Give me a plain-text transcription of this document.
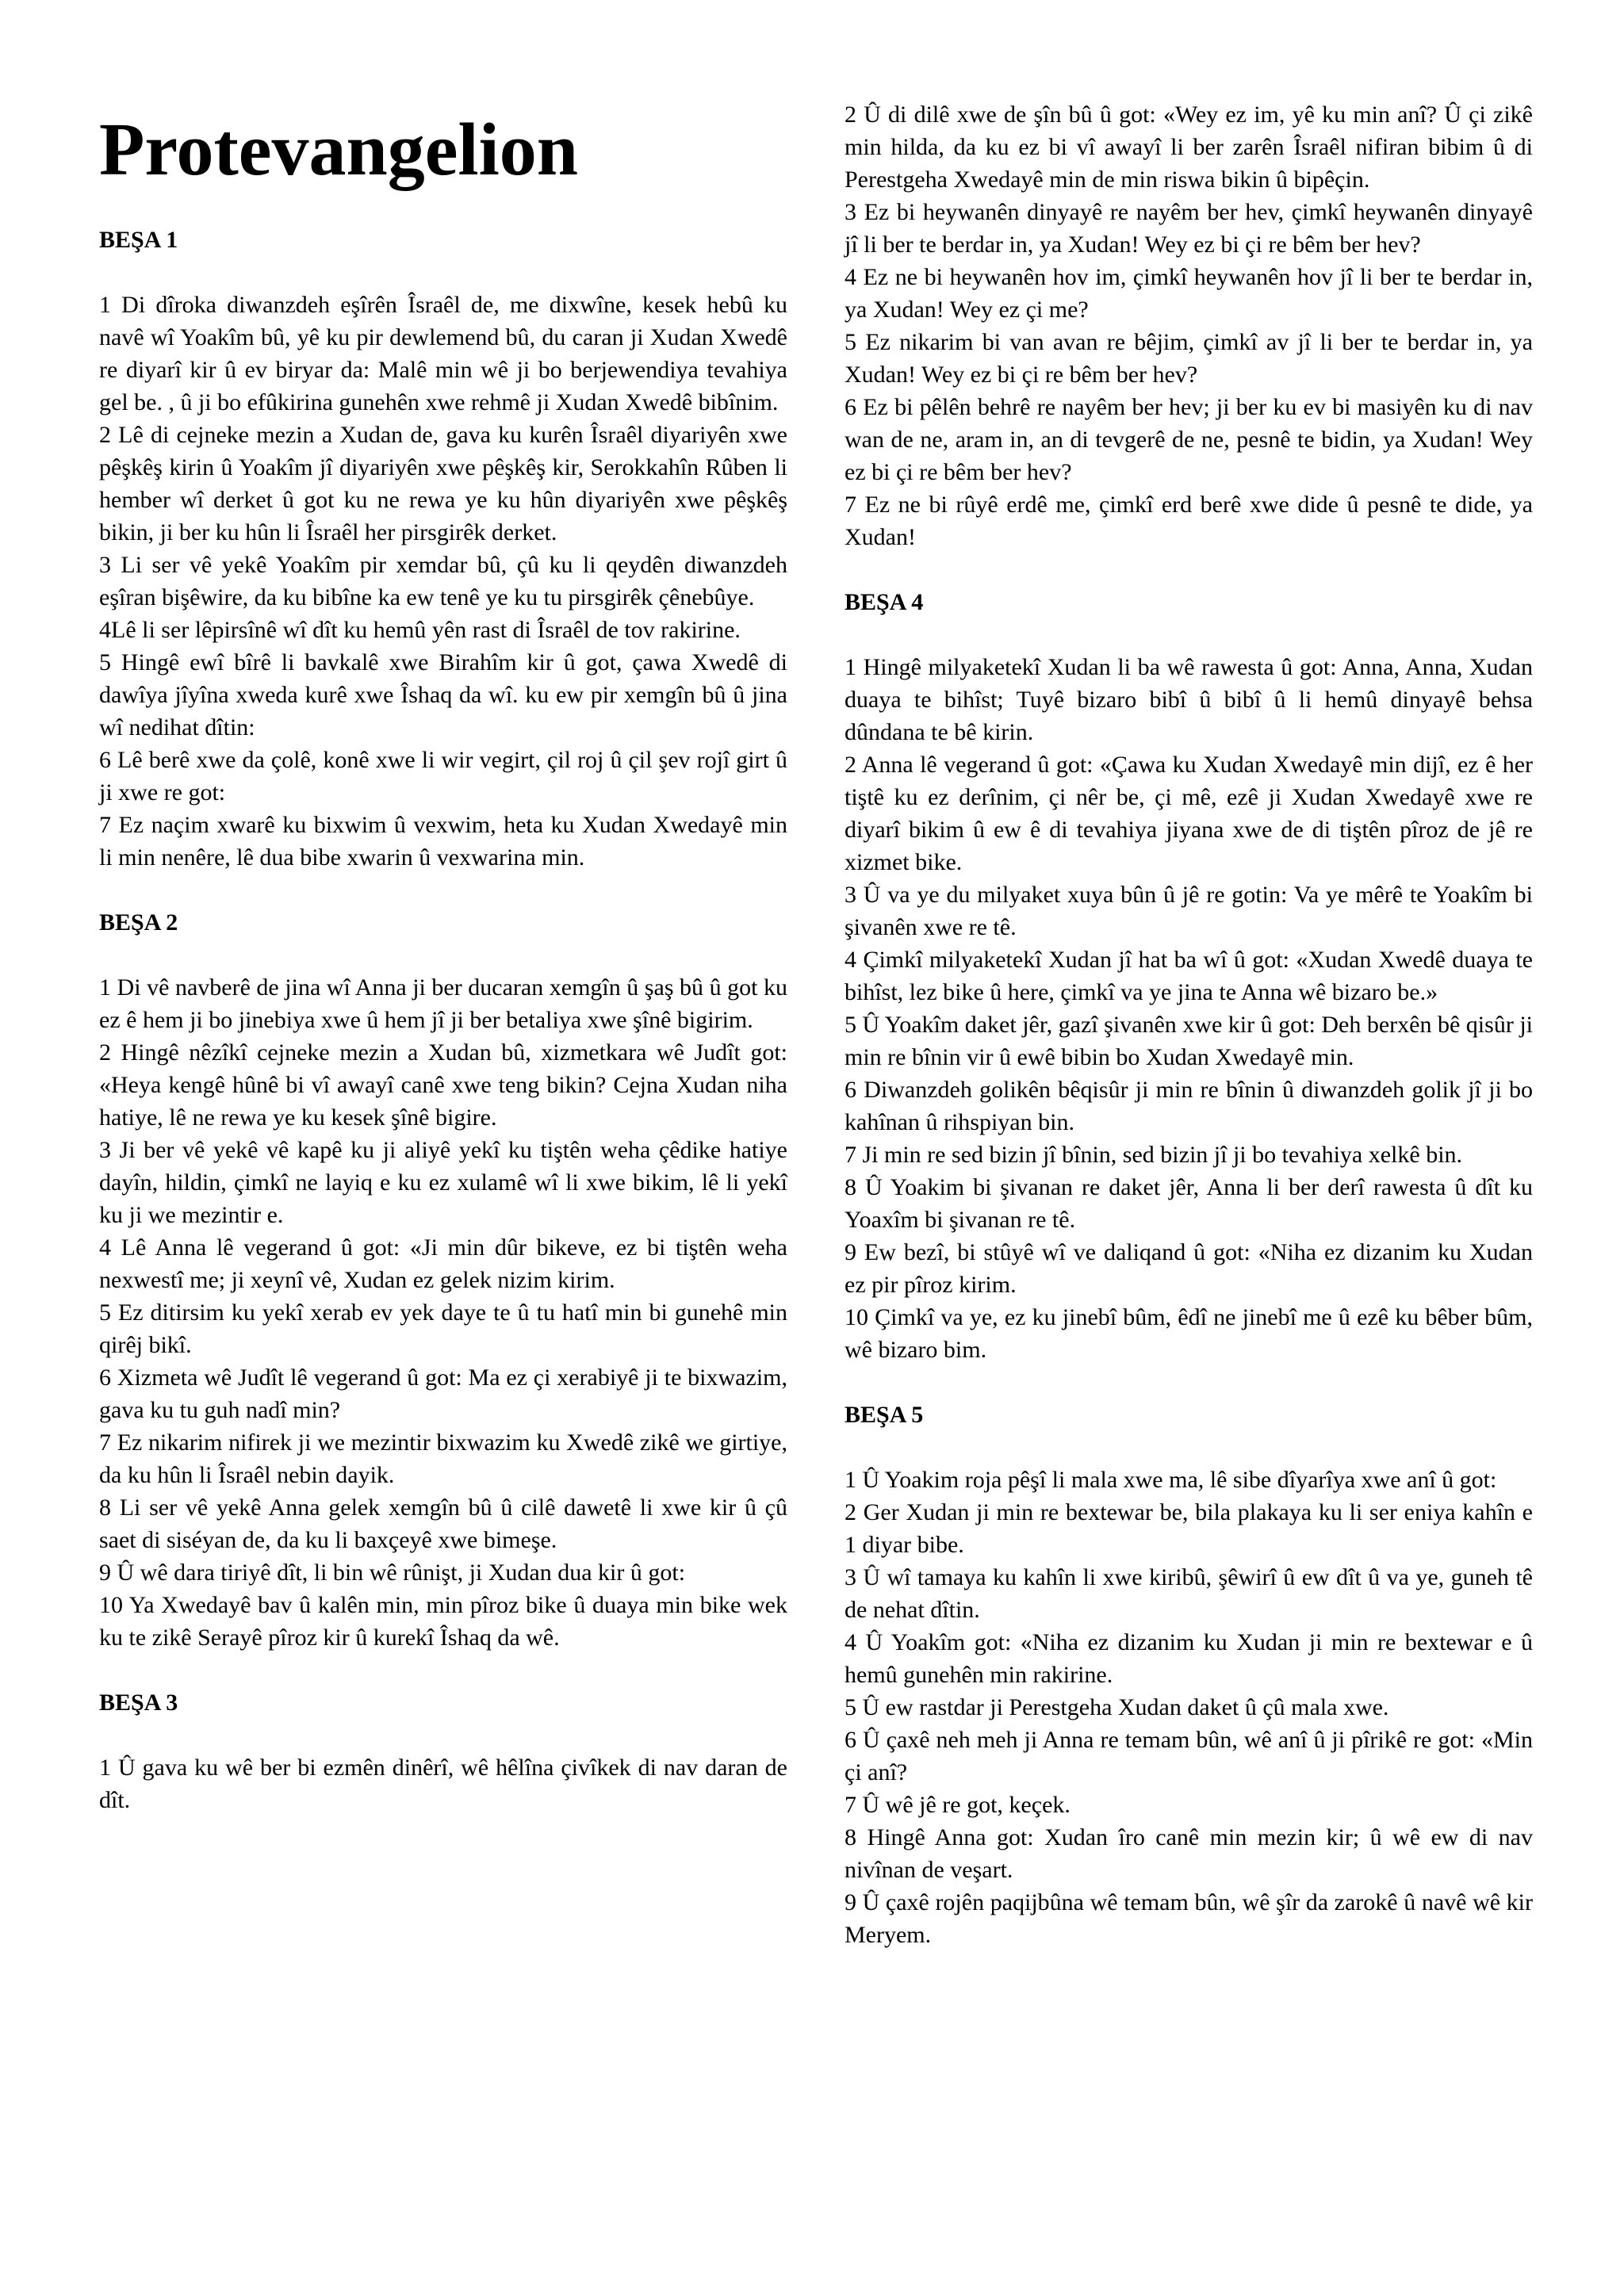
Protevangelion
BEŞA 1

1 Di dîroka diwanzdeh eşîrên Îsraêl de, me dixwîne, kesek hebû ku navê wî Yoakîm bû, yê ku pir dewlemend bû, du caran ji Xudan Xwedê re diyarî kir û ev biryar da: Malê min wê ji bo berjewendiya tevahiya gel be. , û ji bo efûkirina gunehên xwe rehmê ji Xudan Xwedê bibînim.

2 Lê di cejneke mezin a Xudan de, gava ku kurên Îsraêl diyariyên xwe pêşkêş kirin û Yoakîm jî diyariyên xwe pêşkêş kir, Serokkahîn Rûben li hember wî derket û got ku ne rewa ye ku hûn diyariyên xwe pêşkêş bikin, ji ber ku hûn li Îsraêl her pirsgirêk derket.

3 Li ser vê yekê Yoakîm pir xemdar bû, çû ku li qeydên diwanzdeh eşîran bişêwire, da ku bibîne ka ew tenê ye ku tu pirsgirêk çênebûye.

4Lê li ser lêpirsînê wî dît ku hemû yên rast di Îsraêl de tov rakirine.

5 Hingê ewî bîrê li bavkalê xwe Birahîm kir û got, çawa Xwedê di dawîya jîyîna xweda kurê xwe Îshaq da wî. ku ew pir xemgîn bû û jina wî nedihat dîtin:

6 Lê berê xwe da çolê, konê xwe li wir vegirt, çil roj û çil şev rojî girt û ji xwe re got:

7 Ez naçim xwarê ku bixwim û vexwim, heta ku Xudan Xwedayê min li min nenêre, lê dua bibe xwarin û vexwarina min.

BEŞA 2

1 Di vê navberê de jina wî Anna ji ber ducaran xemgîn û şaş bû û got ku ez ê hem ji bo jinebiya xwe û hem jî ji ber betaliya xwe şînê bigirim.

2 Hingê nêzîkî cejneke mezin a Xudan bû, xizmetkara wê Judît got: «Heya kengê hûnê bi vî awayî canê xwe teng bikin? Cejna Xudan niha hatiye, lê ne rewa ye ku kesek şînê bigire.

3 Ji ber vê yekê vê kapê ku ji aliyê yekî ku tiştên weha çêdike hatiye dayîn, hildin, çimkî ne layiq e ku ez xulamê wî li xwe bikim, lê li yekî ku ji we mezintir e.

4 Lê Anna lê vegerand û got: «Ji min dûr bikeve, ez bi tiştên weha nexwestî me; ji xeynî vê, Xudan ez gelek nizim kirim.

5 Ez ditirsim ku yekî xerab ev yek daye te û tu hatî min bi gunehê min qirêj bikî.

6 Xizmeta wê Judît lê vegerand û got: Ma ez çi xerabiyê ji te bixwazim, gava ku tu guh nadî min?

7 Ez nikarim nifirek ji we mezintir bixwazim ku Xwedê zikê we girtiye, da ku hûn li Îsraêl nebin dayik.

8 Li ser vê yekê Anna gelek xemgîn bû û cilê dawetê li xwe kir û çû saet di siséyan de, da ku li baxçeyê xwe bimeşe.

9 Û wê dara tiriyê dît, li bin wê rûnişt, ji Xudan dua kir û got:

10 Ya Xwedayê bav û kalên min, min pîroz bike û duaya min bike wek ku te zikê Serayê pîroz kir û kurekî Îshaq da wê.

BEŞA 3

1 Û gava ku wê ber bi ezmên dinêrî, wê hêlîna çivîkek di nav daran de dît.

2 Û di dilê xwe de şîn bû û got: «Wey ez im, yê ku min anî? Û çi zikê min hilda, da ku ez bi vî awayî li ber zarên Îsraêl nifiran bibim û di Perestgeha Xwedayê min de min riswa bikin û bipêçin.

3 Ez bi heywanên dinyayê re nayêm ber hev, çimkî heywanên dinyayê jî li ber te berdar in, ya Xudan! Wey ez bi çi re bêm ber hev?

4 Ez ne bi heywanên hov im, çimkî heywanên hov jî li ber te berdar in, ya Xudan! Wey ez çi me?

5 Ez nikarim bi van avan re bêjim, çimkî av jî li ber te berdar in, ya Xudan! Wey ez bi çi re bêm ber hev?

6 Ez bi pêlên behrê re nayêm ber hev; ji ber ku ev bi masiyên ku di nav wan de ne, aram in, an di tevgerê de ne, pesnê te bidin, ya Xudan! Wey ez bi çi re bêm ber hev?

7 Ez ne bi rûyê erdê me, çimkî erd berê xwe dide û pesnê te dide, ya Xudan!

BEŞA 4

1 Hingê milyaketekî Xudan li ba wê rawesta û got: Anna, Anna, Xudan duaya te bihîst; Tuyê bizaro bibî û bibî û li hemû dinyayê behsa dûndana te bê kirin.

2 Anna lê vegerand û got: «Çawa ku Xudan Xwedayê min dijî, ez ê her tiştê ku ez derînim, çi nêr be, çi mê, ezê ji Xudan Xwedayê xwe re diyarî bikim û ew ê di tevahiya jiyana xwe de di tiştên pîroz de jê re xizmet bike.

3 Û va ye du milyaket xuya bûn û jê re gotin: Va ye mêrê te Yoakîm bi şivanên xwe re tê.

4 Çimkî milyaketekî Xudan jî hat ba wî û got: «Xudan Xwedê duaya te bihîst, lez bike û here, çimkî va ye jina te Anna wê bizaro be.»

5 Û Yoakîm daket jêr, gazî şivanên xwe kir û got: Deh berxên bê qisûr ji min re bînin vir û ewê bibin bo Xudan Xwedayê min.

6 Diwanzdeh golikên bêqisûr ji min re bînin û diwanzdeh golik jî ji bo kahînan û rihspiyan bin.

7 Ji min re sed bizin jî bînin, sed bizin jî ji bo tevahiya xelkê bin.

8 Û Yoakim bi şivanan re daket jêr, Anna li ber derî rawesta û dît ku Yoaxîm bi şivanan re tê.

9 Ew bezî, bi stûyê wî ve daliqand û got: «Niha ez dizanim ku Xudan ez pir pîroz kirim.

10 Çimkî va ye, ez ku jinebî bûm, êdî ne jinebî me û ezê ku bêber bûm, wê bizaro bim.

BEŞA 5

1 Û Yoakim roja pêşî li mala xwe ma, lê sibe dîyarîya xwe anî û got:

2 Ger Xudan ji min re bextewar be, bila plakaya ku li ser eniya kahîn e 1 diyar bibe.

3 Û wî tamaya ku kahîn li xwe kiribû, şêwirî û ew dît û va ye, guneh tê de nehat dîtin.

4 Û Yoakîm got: «Niha ez dizanim ku Xudan ji min re bextewar e û hemû gunehên min rakirine.

5 Û ew rastdar ji Perestgeha Xudan daket û çû mala xwe.

6 Û çaxê neh meh ji Anna re temam bûn, wê anî û ji pîrikê re got: «Min çi anî?

7 Û wê jê re got, keçek.

8 Hingê Anna got: Xudan îro canê min mezin kir; û wê ew di nav nivînan de veşart.

9 Û çaxê rojên paqijbûna wê temam bûn, wê şîr da zarokê û navê wê kir Meryem.
